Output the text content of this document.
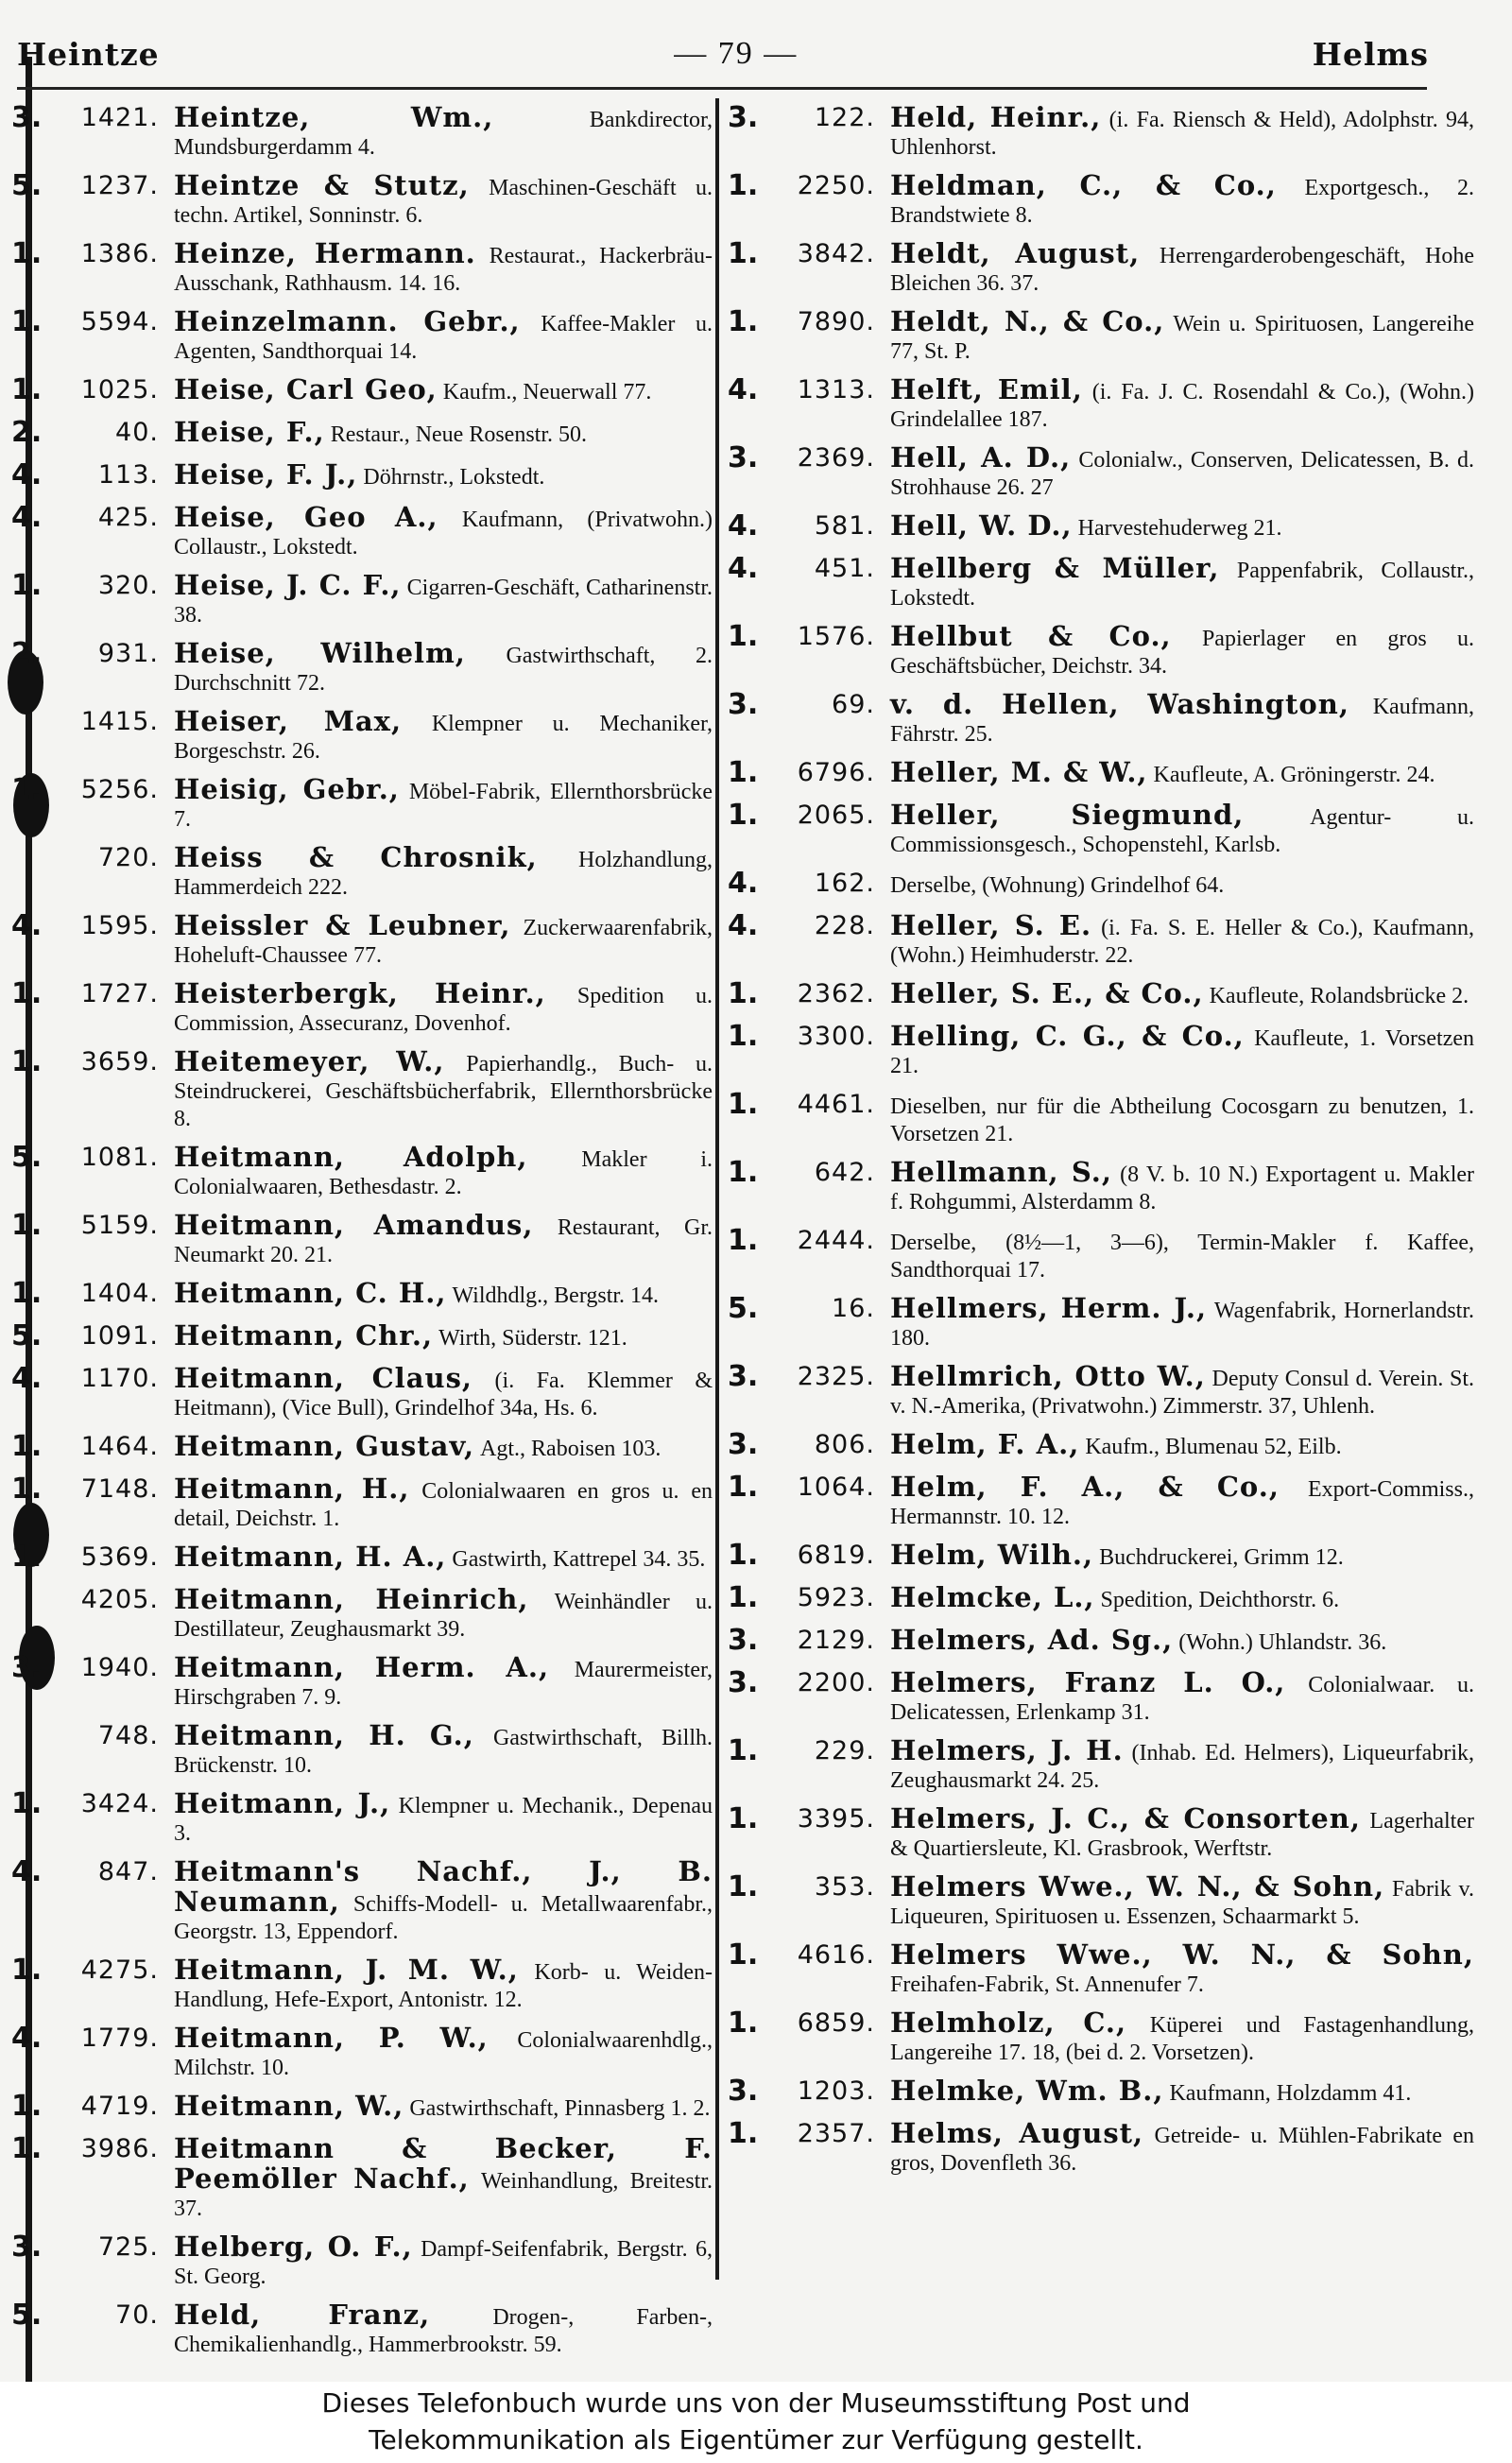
Heintze	— 79 —	Helms
3.	1421. Heintze, Wm.,	Bankdirector, Mundsburgerdamm 4.
5.	1237. Heintze & Stutz, Maschinen-Geschäft u. techn. Artikel, Sonninstr. 6.
1.	1386. Heinze, Hermann. Restaurat., Hackerbräu-Ausschank, Rathhausm. 14. 16.
1.	5594. Heinzelmann. Gebr., Kaffee-Makler u. Agenten, Sandthorquai 14.
1.	1025. Heise, Carl Geo, Kaufm., Neuerwall 77.
2.	40. Heise, F., Restaur., Neue Rosenstr. 50.
4.	113. Heise, F. J., Döhrnstr., Lokstedt.
4.	425. Heise, Geo A., Kaufmann, (Privatwohn.) Collaustr., Lokstedt.
1.	320. Heise, J. C. F., Cigarren-Geschäft, Catharinenstr. 38.
2.	931. Heise, Wilhelm, Gastwirthschaft, 2. Durchschnitt 72.
1415. Heiser, Max, Klempner u. Mechaniker, Borgeschstr. 26.
1.	5256. Heisig, Gebr., Möbel-Fabrik, Ellernthorsbrücke 7.
720. Heiss & Chrosnik, Holzhandlung, Hammerdeich 222.
4.	1595. Heissler & Leubner, Zuckerwaarenfabrik, Hoheluft-Chaussee 77.
1.	1727. Heisterbergk, Heinr., Spedition u. Commission, Assecuranz, Dovenhof.
1.	3659. Heitemeyer, W., Papierhandlg., Buch- u. Steindruckerei, Geschäftsbücherfabrik, Ellernthorsbrücke 8.
5.	1081. Heitmann, Adolph, Makler i. Colonialwaaren, Bethesdastr. 2.
1.	5159. Heitmann, Amandus, Restaurant, Gr. Neumarkt 20. 21.
1.	1404. Heitmann, C. H., Wildhdlg., Bergstr. 14.
5.	1091. Heitmann, Chr., Wirth, Süderstr. 121.
4.	1170. Heitmann, Claus, (i. Fa. Klemmer & Heitmann), (Vice Bull), Grindelhof 34a, Hs. 6.
1.	1464. Heitmann, Gustav, Agt., Raboisen 103.
1.	7148. Heitmann, H., Colonialwaaren en gros u. en detail, Deichstr. 1.
1.	5369. Heitmann, H. A., Gastwirth, Kattrepel 34. 35.
4205. Heitmann, Heinrich, Weinhändler u. Destillateur, Zeughausmarkt 39.
3.	1940. Heitmann, Herm. A., Maurermeister, Hirschgraben 7. 9.
748. Heitmann, H. G., Gastwirthschaft, Billh. Brückenstr. 10.
1.	3424. Heitmann, J., Klempner u. Mechanik., Depenau 3.
4.	847. Heitmann's Nachf., J., B. Neumann, Schiffs-Modell- u. Metallwaarenfabr., Georgstr. 13, Eppendorf.
1.	4275. Heitmann, J. M. W., Korb- u. Weiden-Handlung, Hefe-Export, Antonistr. 12.
4.	1779. Heitmann, P. W., Colonialwaarenhdlg., Milchstr. 10.
1.	4719. Heitmann, W., Gastwirthschaft, Pinnasberg 1. 2.
1.	3986. Heitmann & Becker, F. Peemöller Nachf., Weinhandlung, Breitestr. 37.
3.	725. Helberg, O. F., Dampf-Seifenfabrik, Bergstr. 6, St. Georg.
5.	70. Held, Franz,	Drogen-, Farben-, Chemikalienhandlg., Hammerbrookstr. 59.
3.	122. Held, Heinr., (i. Fa. Riensch & Held), Adolphstr. 94, Uhlenhorst.
1.	2250. Heldman, C., & Co., Exportgesch., 2. Brandstwiete 8.
1.	3842. Heldt, August, Herrengarderobengeschäft, Hohe Bleichen 36. 37.
1.	7890. Heldt, N., & Co., Wein u. Spirituosen, Langereihe 77, St. P.
4.	1313. Helft, Emil, (i. Fa. J. C. Rosendahl & Co.), (Wohn.) Grindelallee 187.
3.	2369. Hell, A. D., Colonialw., Conserven, Delicatessen, B. d. Strohhause 26. 27
4.	581. Hell, W. D., Harvestehuderweg 21.
4.	451. Hellberg & Müller, Pappenfabrik, Collaustr., Lokstedt.
1.	1576. Hellbut & Co., Papierlager en gros u. Geschäftsbücher, Deichstr. 34.
3.	69. v. d. Hellen, Washington, Kaufmann, Fährstr. 25.
1.	6796. Heller, M. & W., Kaufleute, A. Gröningerstr. 24.
1.	2065. Heller, Siegmund,	Agentur- u. Commissionsgesch., Schopenstehl, Karlsb.
4.	162. Derselbe, (Wohnung) Grindelhof 64.
4.	228. Heller, S. E. (i. Fa. S. E. Heller & Co.), Kaufmann, (Wohn.) Heimhuderstr. 22.
1.	2362. Heller, S. E., & Co., Kaufleute, Rolandsbrücke 2.
1.	3300. Helling, C. G., & Co., Kaufleute, 1. Vorsetzen 21.
1.	4461. Dieselben, nur für die Abtheilung Cocosgarn zu benutzen, 1. Vorsetzen 21.
1.	642. Hellmann, S., (8 V. b. 10 N.) Exportagent u. Makler f. Rohgummi, Alsterdamm 8.
1.	2444. Derselbe, (8½—1, 3—6), Termin-Makler f. Kaffee, Sandthorquai 17.
5.	16. Hellmers, Herm. J., Wagenfabrik, Hornerlandstr. 180.
3.	2325. Hellmrich, Otto W., Deputy Consul d. Verein. St. v. N.-Amerika, (Privatwohn.) Zimmerstr. 37, Uhlenh.
3.	806. Helm, F. A., Kaufm., Blumenau 52, Eilb.
1.	1064. Helm, F. A., & Co., Export-Commiss., Hermannstr. 10. 12.
1.	6819. Helm, Wilh., Buchdruckerei, Grimm 12.
1.	5923. Helmcke, L., Spedition, Deichthorstr. 6.
3.	2129. Helmers, Ad. Sg., (Wohn.) Uhlandstr. 36.
3.	2200. Helmers, Franz L. O., Colonialwaar. u. Delicatessen, Erlenkamp 31.
1.	229. Helmers, J. H. (Inhab. Ed. Helmers), Liqueurfabrik, Zeughausmarkt 24. 25.
1.	3395. Helmers, J. C., & Consorten, Lagerhalter & Quartiersleute, Kl. Grasbrook, Werftstr.
1.	353. Helmers Wwe., W. N., & Sohn, Fabrik v. Liqueuren, Spirituosen u. Essenzen, Schaarmarkt 5.
1.	4616. Helmers Wwe., W. N., & Sohn, Freihafen-Fabrik, St. Annenufer 7.
1.	6859. Helmholz, C., Küperei und Fastagenhandlung, Langereihe 17. 18, (bei d. 2. Vorsetzen).
3.	1203. Helmke, Wm. B., Kaufmann, Holzdamm 41.
1.	2357. Helms, August, Getreide- u. Mühlen-Fabrikate en gros, Dovenfleth 36.
Dieses Telefonbuch wurde uns von der Museumsstiftung Post und
Telekommunikation als Eigentümer zur Verfügung gestellt.
